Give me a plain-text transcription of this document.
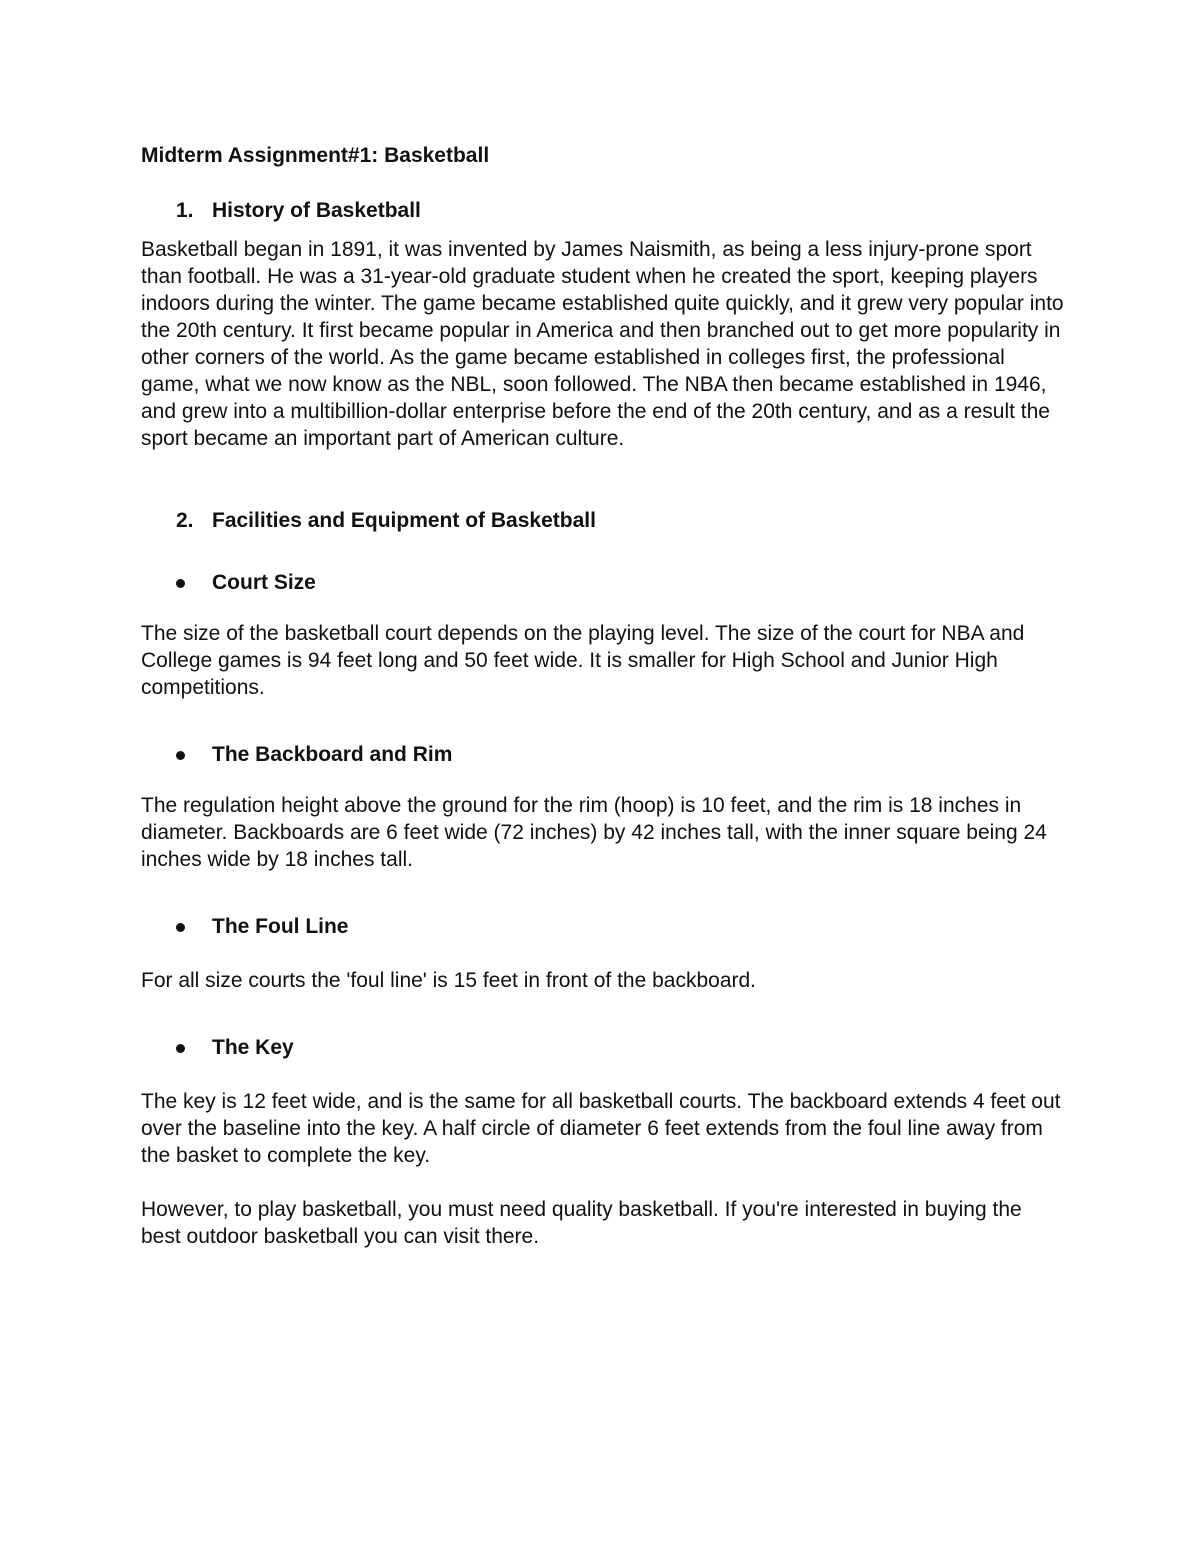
Midterm Assignment#1: Basketball
1. History of Basketball

Basketball began in 1891, it was invented by James Naismith, as being a less injury-prone sport than football. He was a 31-year-old graduate student when he created the sport, keeping players indoors during the winter. The game became established quite quickly, and it grew very popular into the 20th century. It first became popular in America and then branched out to get more popularity in other corners of the world. As the game became established in colleges first, the professional game, what we now know as the NBL, soon followed. The NBA then became established in 1946, and grew into a multibillion-dollar enterprise before the end of the 20th century, and as a result the sport became an important part of American culture.

2. Facilities and Equipment of Basketball
Court Size

The size of the basketball court depends on the playing level. The size of the court for NBA and College games is 94 feet long and 50 feet wide. It is smaller for High School and Junior High competitions.

The Backboard and Rim

The regulation height above the ground for the rim (hoop) is 10 feet, and the rim is 18 inches in diameter. Backboards are 6 feet wide (72 inches) by 42 inches tall, with the inner square being 24 inches wide by 18 inches tall.

The Foul Line

For all size courts the 'foul line' is 15 feet in front of the backboard.

The Key

The key is 12 feet wide, and is the same for all basketball courts. The backboard extends 4 feet out over the baseline into the key. A half circle of diameter 6 feet extends from the foul line away from the basket to complete the key.

However, to play basketball, you must need quality basketball. If you're interested in buying the best outdoor basketball you can visit there.
